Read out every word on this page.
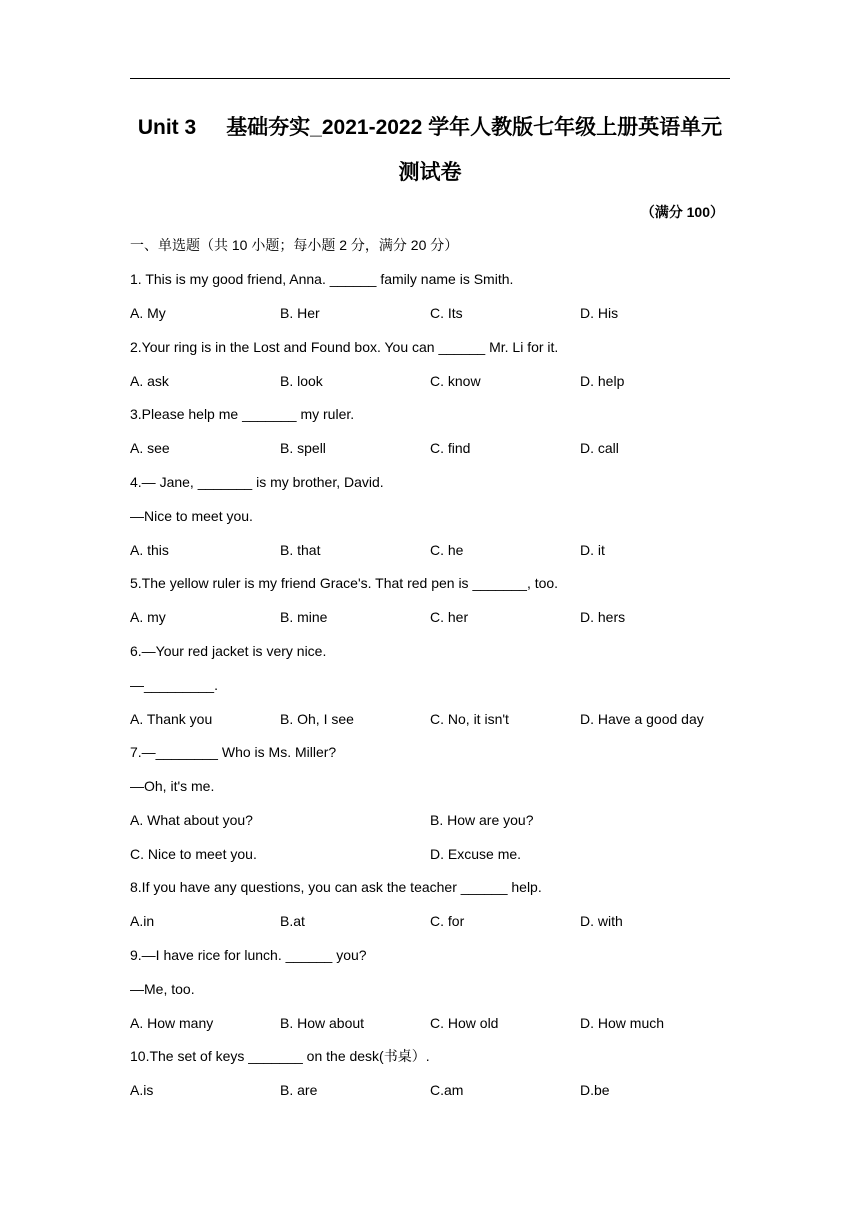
Unit 3 基础夯实_2021-2022 学年人教版七年级上册英语单元
测试卷
（满分 100）
一、单选题（共 10 小题；每小题 2 分，满分 20 分）
1. This is my good friend, Anna. ______ family name is Smith.
A. My	B. Her	C. Its	D. His
2.Your ring is in the Lost and Found box. You can ______ Mr. Li for it.
A. ask	B. look	C. know	D. help
3.Please help me _______ my ruler.
A. see	B. spell	C. find	D. call
4.— Jane, _______ is my brother, David.
—Nice to meet you.
A. this	B. that	C. he	D. it
5.The yellow ruler is my friend Grace's. That red pen is _______, too.
A. my	B. mine	C. her	D. hers
6.—Your red jacket is very nice.
—_________.
A. Thank you	B. Oh, I see	C. No, it isn't	D. Have a good day
7.—________ Who is Ms. Miller?
—Oh, it's me.
A. What about you?	B. How are you?
C. Nice to meet you.	D. Excuse me.
8.If you have any questions, you can ask the teacher ______ help.
A.in	B.at	C. for	D. with
9.—I have rice for lunch. ______ you?
—Me, too.
A. How many	B. How about	C. How old	D. How much
10.The set of keys _______ on the desk(书桌）.
A.is	B. are	C.am	D.be
